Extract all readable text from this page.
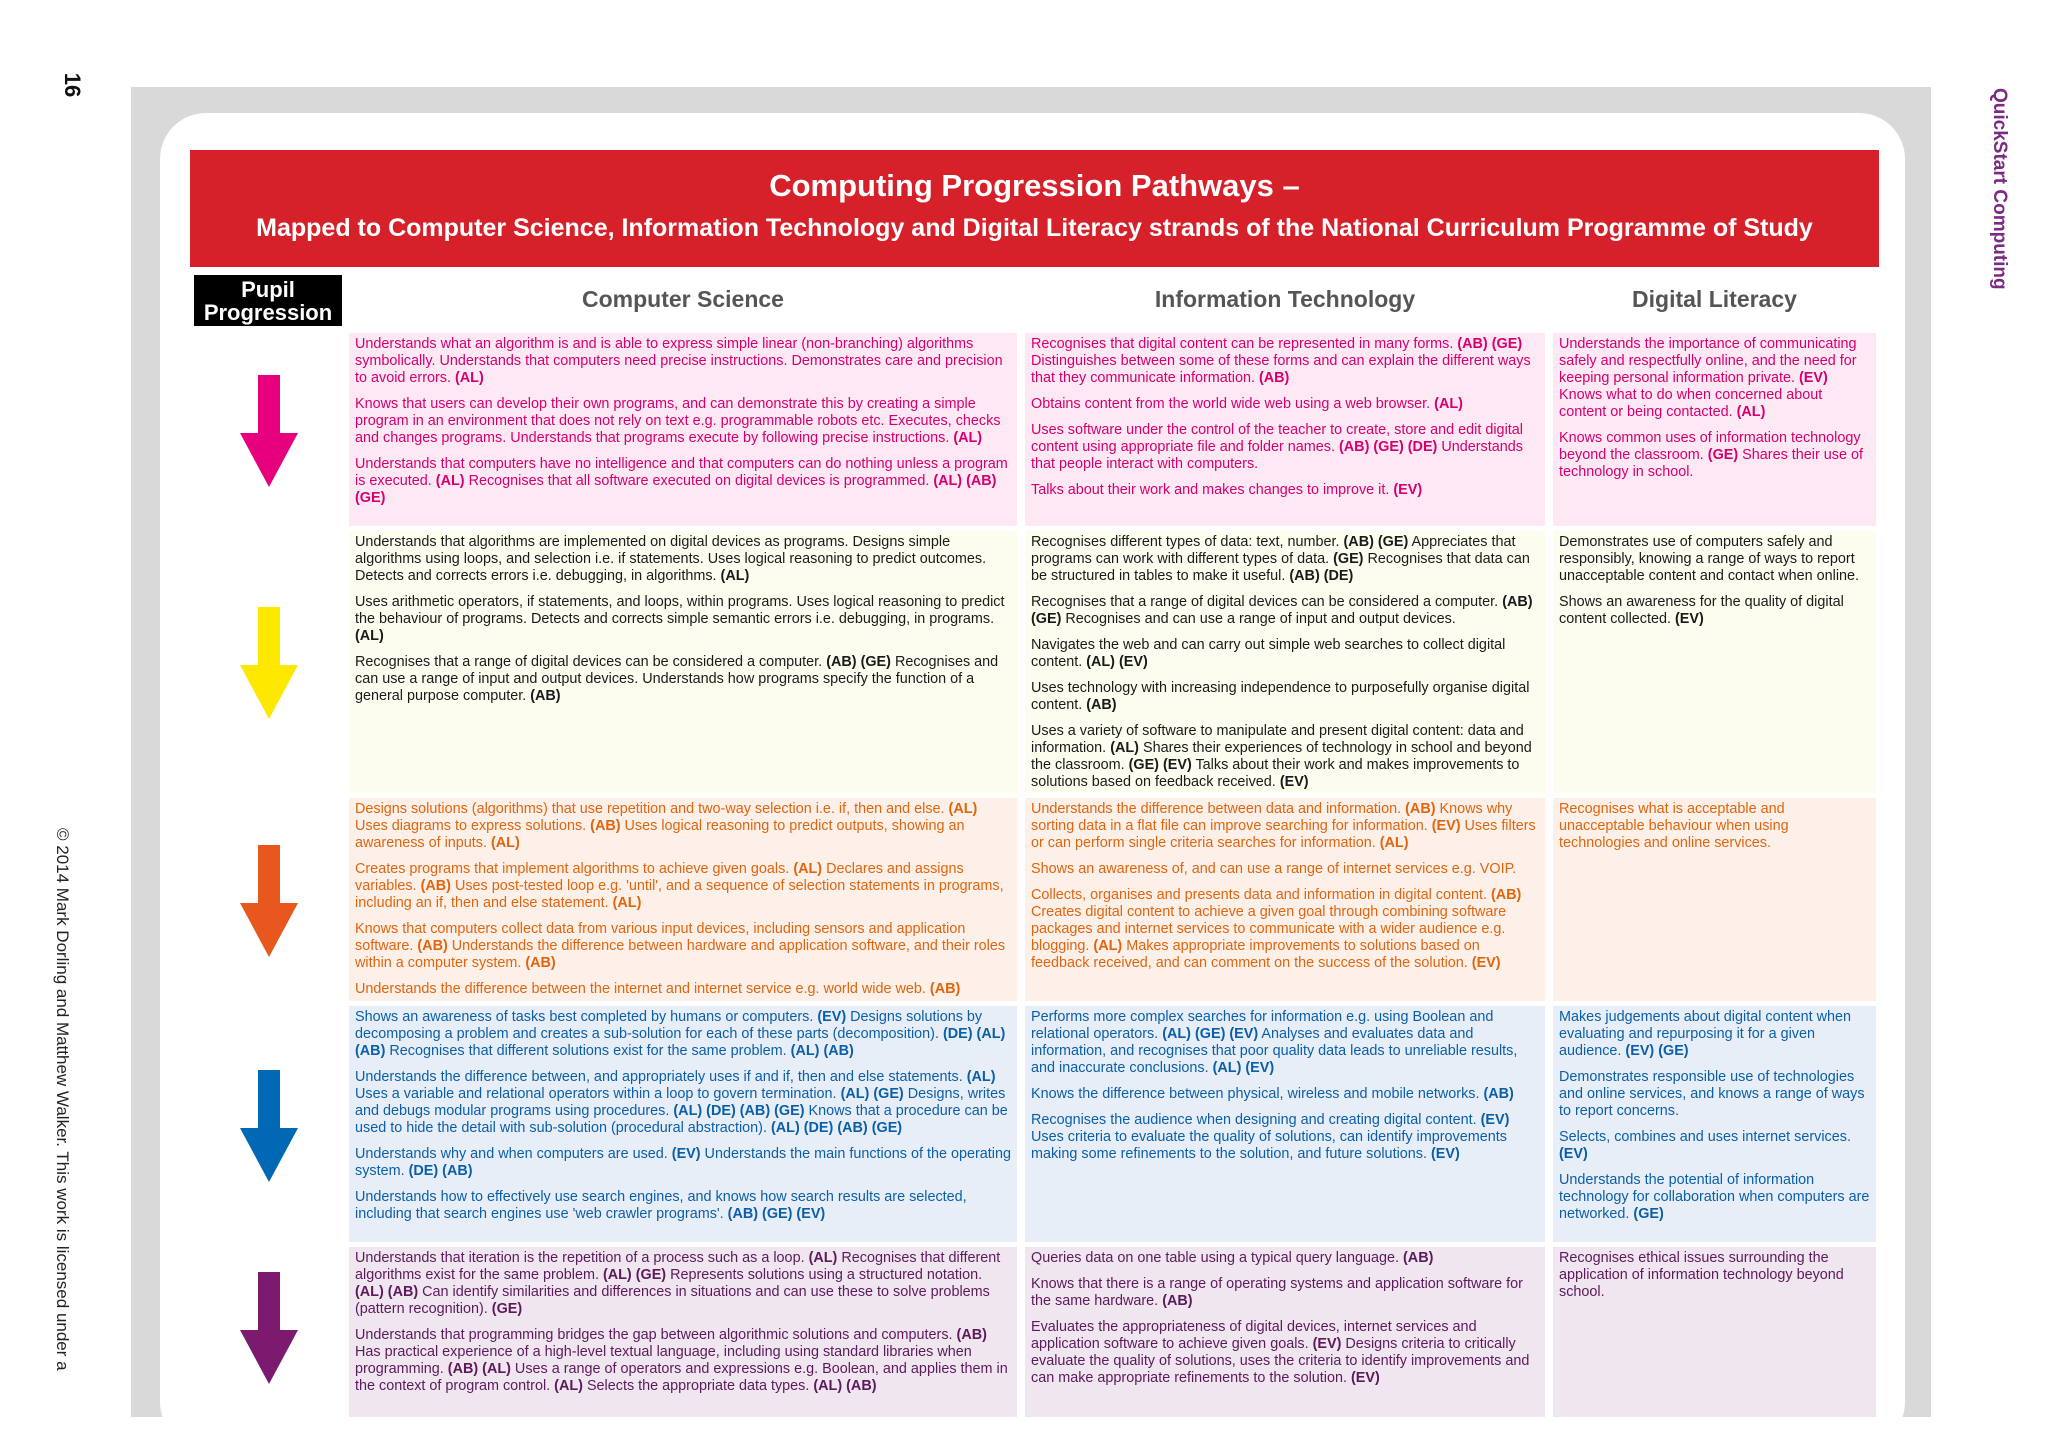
16
© 2014 Mark Dorling and Matthew Walker. This work is licensed under a
QuickStart Computing
Computing Progression Pathways –
Mapped to Computer Science, Information Technology and Digital Literacy strands of the National Curriculum Programme of Study
Pupil
Progression
Computer Science	Information Technology	Digital Literacy

Understands what an algorithm is and is able to express simple linear (non-branching) algorithms symbolically. Understands that computers need precise instructions. Demonstrates care and precision to avoid errors. (AL)

Knows that users can develop their own programs, and can demonstrate this by creating a simple program in an environment that does not rely on text e.g. programmable robots etc. Executes, checks and changes programs. Understands that programs execute by following precise instructions. (AL)

Understands that computers have no intelligence and that computers can do nothing unless a program is executed. (AL) Recognises that all software executed on digital devices is programmed. (AL) (AB) (GE)

Recognises that digital content can be represented in many forms. (AB) (GE) Distinguishes between some of these forms and can explain the different ways that they communicate information. (AB)

Obtains content from the world wide web using a web browser. (AL)

Uses software under the control of the teacher to create, store and edit digital content using appropriate file and folder names. (AB) (GE) (DE) Understands that people interact with computers.

Talks about their work and makes changes to improve it. (EV)

Understands the importance of communicating safely and respectfully online, and the need for keeping personal information private. (EV) Knows what to do when concerned about content or being contacted. (AL)

Knows common uses of information technology beyond the classroom. (GE) Shares their use of technology in school.

Understands that algorithms are implemented on digital devices as programs. Designs simple algorithms using loops, and selection i.e. if statements. Uses logical reasoning to predict outcomes. Detects and corrects errors i.e. debugging, in algorithms. (AL)

Uses arithmetic operators, if statements, and loops, within programs. Uses logical reasoning to predict the behaviour of programs. Detects and corrects simple semantic errors i.e. debugging, in programs. (AL)

Recognises that a range of digital devices can be considered a computer. (AB) (GE) Recognises and can use a range of input and output devices. Understands how programs specify the function of a general purpose computer. (AB)

Recognises different types of data: text, number. (AB) (GE) Appreciates that programs can work with different types of data. (GE) Recognises that data can be structured in tables to make it useful. (AB) (DE)

Recognises that a range of digital devices can be considered a computer. (AB) (GE) Recognises and can use a range of input and output devices.

Navigates the web and can carry out simple web searches to collect digital content. (AL) (EV)

Uses technology with increasing independence to purposefully organise digital content. (AB)

Uses a variety of software to manipulate and present digital content: data and information. (AL) Shares their experiences of technology in school and beyond the classroom. (GE) (EV) Talks about their work and makes improvements to solutions based on feedback received. (EV)

Demonstrates use of computers safely and responsibly, knowing a range of ways to report unacceptable content and contact when online.

Shows an awareness for the quality of digital content collected. (EV)

Designs solutions (algorithms) that use repetition and two-way selection i.e. if, then and else. (AL) Uses diagrams to express solutions. (AB) Uses logical reasoning to predict outputs, showing an awareness of inputs. (AL)

Creates programs that implement algorithms to achieve given goals. (AL) Declares and assigns variables. (AB) Uses post-tested loop e.g. 'until', and a sequence of selection statements in programs, including an if, then and else statement. (AL)

Knows that computers collect data from various input devices, including sensors and application software. (AB) Understands the difference between hardware and application software, and their roles within a computer system. (AB)

Understands the difference between the internet and internet service e.g. world wide web. (AB)

Understands the difference between data and information. (AB) Knows why sorting data in a flat file can improve searching for information. (EV) Uses filters or can perform single criteria searches for information. (AL)

Shows an awareness of, and can use a range of internet services e.g. VOIP.

Collects, organises and presents data and information in digital content. (AB) Creates digital content to achieve a given goal through combining software packages and internet services to communicate with a wider audience e.g. blogging. (AL) Makes appropriate improvements to solutions based on feedback received, and can comment on the success of the solution. (EV)

Recognises what is acceptable and unacceptable behaviour when using technologies and online services.

Shows an awareness of tasks best completed by humans or computers. (EV) Designs solutions by decomposing a problem and creates a sub-solution for each of these parts (decomposition). (DE) (AL) (AB) Recognises that different solutions exist for the same problem. (AL) (AB)

Understands the difference between, and appropriately uses if and if, then and else statements. (AL) Uses a variable and relational operators within a loop to govern termination. (AL) (GE) Designs, writes and debugs modular programs using procedures. (AL) (DE) (AB) (GE) Knows that a procedure can be used to hide the detail with sub-solution (procedural abstraction). (AL) (DE) (AB) (GE)

Understands why and when computers are used. (EV) Understands the main functions of the operating system. (DE) (AB)

Understands how to effectively use search engines, and knows how search results are selected, including that search engines use 'web crawler programs'. (AB) (GE) (EV)

Performs more complex searches for information e.g. using Boolean and relational operators. (AL) (GE) (EV) Analyses and evaluates data and information, and recognises that poor quality data leads to unreliable results, and inaccurate conclusions. (AL) (EV)

Knows the difference between physical, wireless and mobile networks. (AB)

Recognises the audience when designing and creating digital content. (EV) Uses criteria to evaluate the quality of solutions, can identify improvements making some refinements to the solution, and future solutions. (EV)

Makes judgements about digital content when evaluating and repurposing it for a given audience. (EV) (GE)

Demonstrates responsible use of technologies and online services, and knows a range of ways to report concerns.

Selects, combines and uses internet services. (EV)

Understands the potential of information technology for collaboration when computers are networked. (GE)

Understands that iteration is the repetition of a process such as a loop. (AL) Recognises that different algorithms exist for the same problem. (AL) (GE) Represents solutions using a structured notation. (AL) (AB) Can identify similarities and differences in situations and can use these to solve problems (pattern recognition). (GE)

Understands that programming bridges the gap between algorithmic solutions and computers. (AB) Has practical experience of a high-level textual language, including using standard libraries when programming. (AB) (AL) Uses a range of operators and expressions e.g. Boolean, and applies them in the context of program control. (AL) Selects the appropriate data types. (AL) (AB)

Queries data on one table using a typical query language. (AB)

Knows that there is a range of operating systems and application software for the same hardware. (AB)

Evaluates the appropriateness of digital devices, internet services and application software to achieve given goals. (EV) Designs criteria to critically evaluate the quality of solutions, uses the criteria to identify improvements and can make appropriate refinements to the solution. (EV)

Recognises ethical issues surrounding the application of information technology beyond school.
